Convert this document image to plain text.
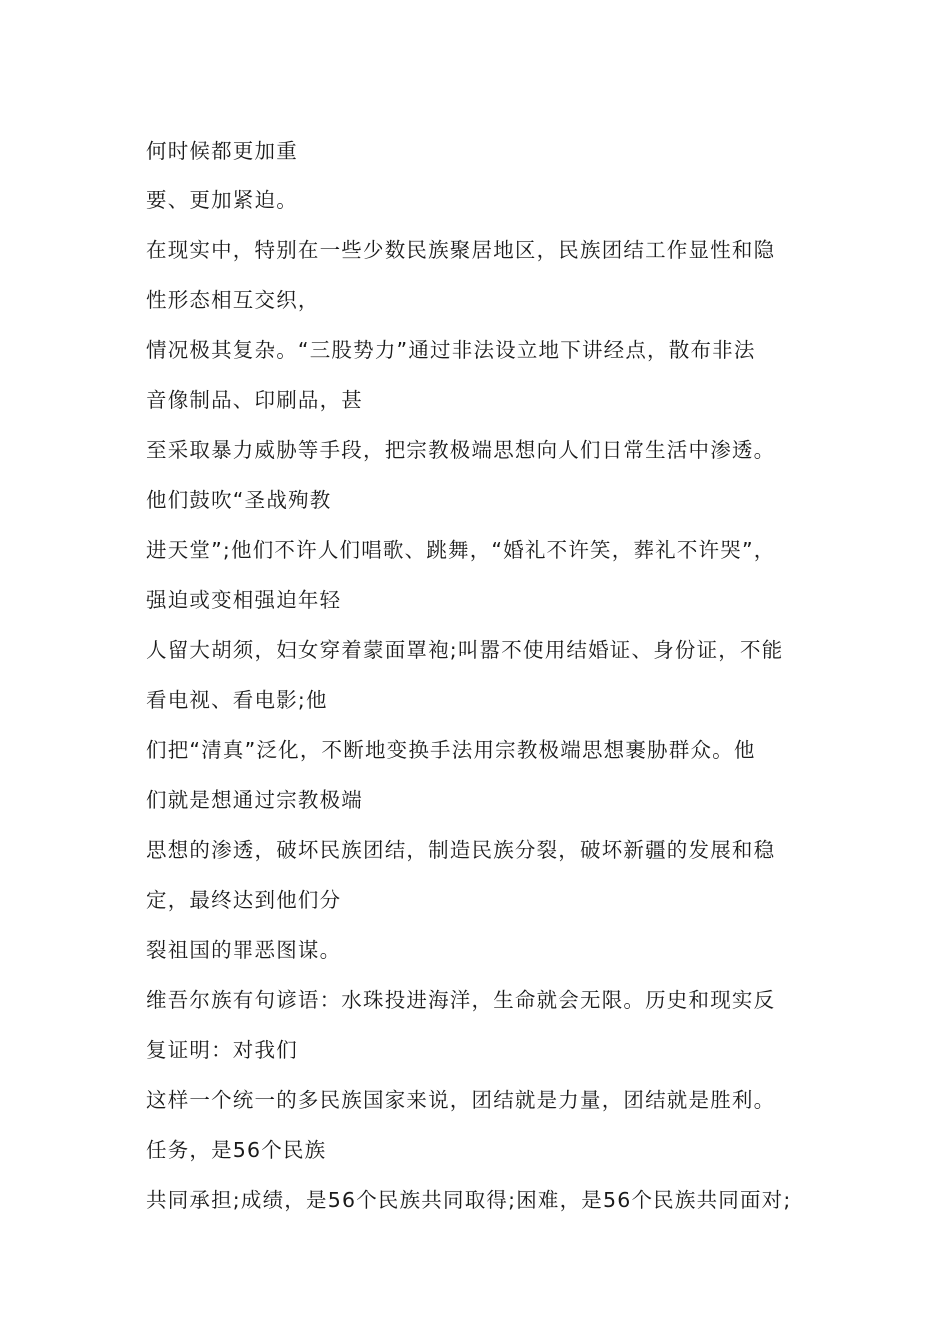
何时候都更加重

要、更加紧迫。

在现实中，特别在一些少数民族聚居地区，民族团结工作显性和隐

性形态相互交织，

情况极其复杂。“三股势力”通过非法设立地下讲经点，散布非法

音像制品、印刷品，甚

至采取暴力威胁等手段，把宗教极端思想向人们日常生活中渗透。

他们鼓吹“圣战殉教

进天堂”;他们不许人们唱歌、跳舞，“婚礼不许笑，葬礼不许哭”，

强迫或变相强迫年轻

人留大胡须，妇女穿着蒙面罩袍;叫嚣不使用结婚证、身份证，不能

看电视、看电影;他

们把“清真”泛化，不断地变换手法用宗教极端思想裹胁群众。他

们就是想通过宗教极端

思想的渗透，破坏民族团结，制造民族分裂，破坏新疆的发展和稳

定，最终达到他们分

裂祖国的罪恶图谋。

维吾尔族有句谚语：水珠投进海洋，生命就会无限。历史和现实反

复证明：对我们

这样一个统一的多民族国家来说，团结就是力量，团结就是胜利。

任务，是56个民族

共同承担;成绩，是56个民族共同取得;困难，是56个民族共同面对;
